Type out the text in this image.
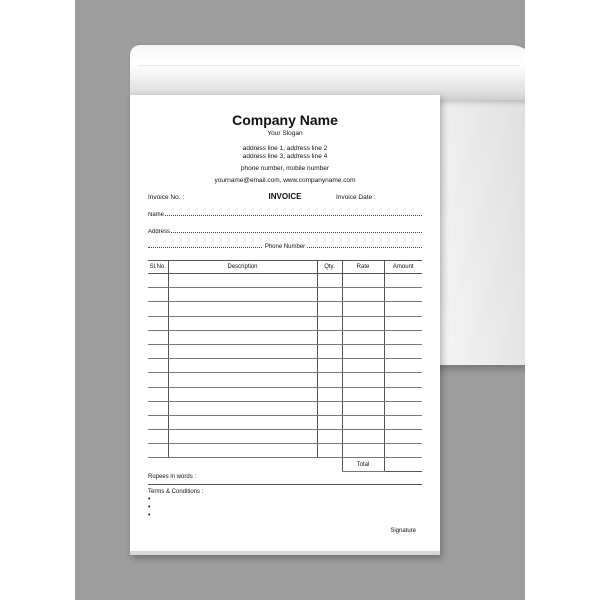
Company Name
Your Slogan
address line 1, address line 2
address line 3, address line 4
phone number, mobile number
yourname@email.com, www.companyname.com
Invoice No. :	INVOICE	Invoice Date :
Name
Address
Phone Number
Sl.No.	Description	Qty.	Rate	Amount

			Total	
Rupees in words :
Terms & Conditions :
•
•
•
Signature
